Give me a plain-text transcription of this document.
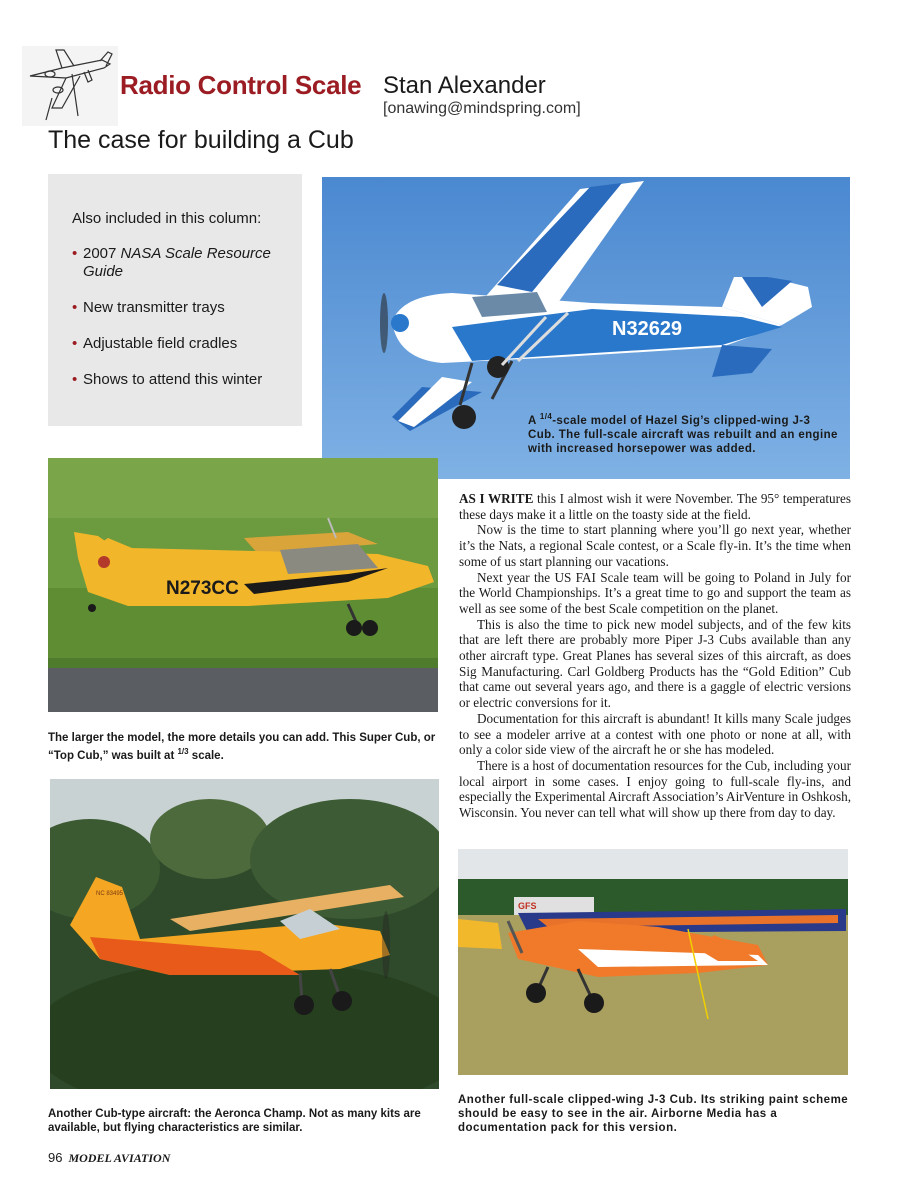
Radio Control Scale Stan Alexander
[onawing@mindspring.com]
The case for building a Cub
Also included in this column:
• 2007 NASA Scale Resource Guide
• New transmitter trays
• Adjustable field cradles
• Shows to attend this winter
N32629
A $^{1/4}$-scale model of Hazel Sig’s clipped-wing J-3 Cub. The full-scale aircraft was rebuilt and an engine with increased horsepower was added.
N273CC
The larger the model, the more details you can add. This Super Cub, or “Top Cub,” was built at $^{1/3}$ scale.

AS I WRITE this I almost wish it were November. The 95° temperatures these days make it a little on the toasty side at the field.

Now is the time to start planning where you’ll go next year, whether it’s the Nats, a regional Scale contest, or a Scale fly-in. It’s the time when some of us start planning our vacations.

Next year the US FAI Scale team will be going to Poland in July for the World Championships. It’s a great time to go and support the team as well as see some of the best Scale competition on the planet.

This is also the time to pick new model subjects, and of the few kits that are left there are probably more Piper J-3 Cubs available than any other aircraft type. Great Planes has several sizes of this aircraft, as does Sig Manufacturing. Carl Goldberg Products has the “Gold Edition” Cub that came out several years ago, and there is a gaggle of electric versions or electric conversions for it.

Documentation for this aircraft is abundant! It kills many Scale judges to see a modeler arrive at a contest with one photo or none at all, with only a color side view of the aircraft he or she has modeled.

There is a host of documentation resources for the Cub, including your local airport in some cases. I enjoy going to full-scale fly-ins, and especially the Experimental Aircraft Association’s AirVenture in Oshkosh, Wisconsin. You never can tell what will show up there from day to day.

NC 83495
Another Cub-type aircraft: the Aeronca Champ. Not as many kits are available, but flying characteristics are similar.
GFS
Another full-scale clipped-wing J-3 Cub. Its striking paint scheme should be easy to see in the air. Airborne Media has a documentation pack for this version.
96 MODEL AVIATION
